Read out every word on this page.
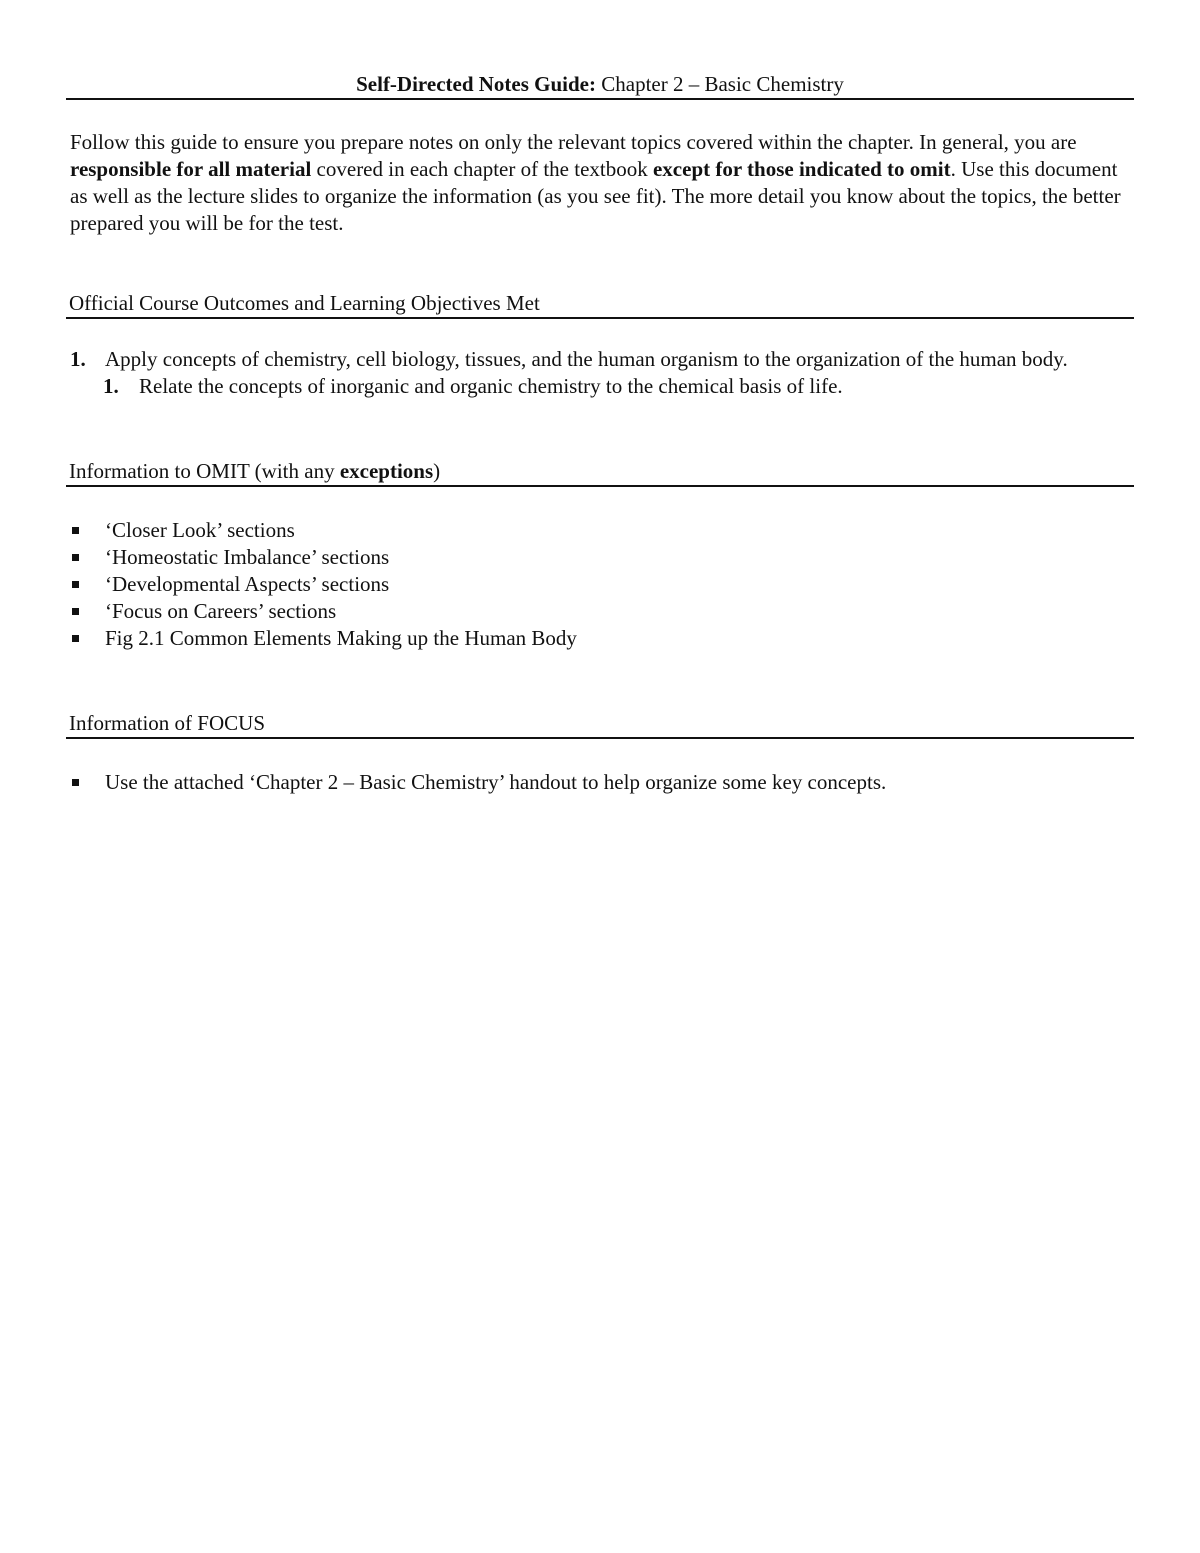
Self-Directed Notes Guide: Chapter 2 – Basic Chemistry
Follow this guide to ensure you prepare notes on only the relevant topics covered within the chapter. In general, you are responsible for all material covered in each chapter of the textbook except for those indicated to omit. Use this document as well as the lecture slides to organize the information (as you see fit). The more detail you know about the topics, the better prepared you will be for the test.
Official Course Outcomes and Learning Objectives Met
1. Apply concepts of chemistry, cell biology, tissues, and the human organism to the organization of the human body.
1. Relate the concepts of inorganic and organic chemistry to the chemical basis of life.
Information to OMIT (with any exceptions)
‘Closer Look’ sections
‘Homeostatic Imbalance’ sections
‘Developmental Aspects’ sections
‘Focus on Careers’ sections
Fig 2.1 Common Elements Making up the Human Body
Information of FOCUS
Use the attached ‘Chapter 2 – Basic Chemistry’ handout to help organize some key concepts.
